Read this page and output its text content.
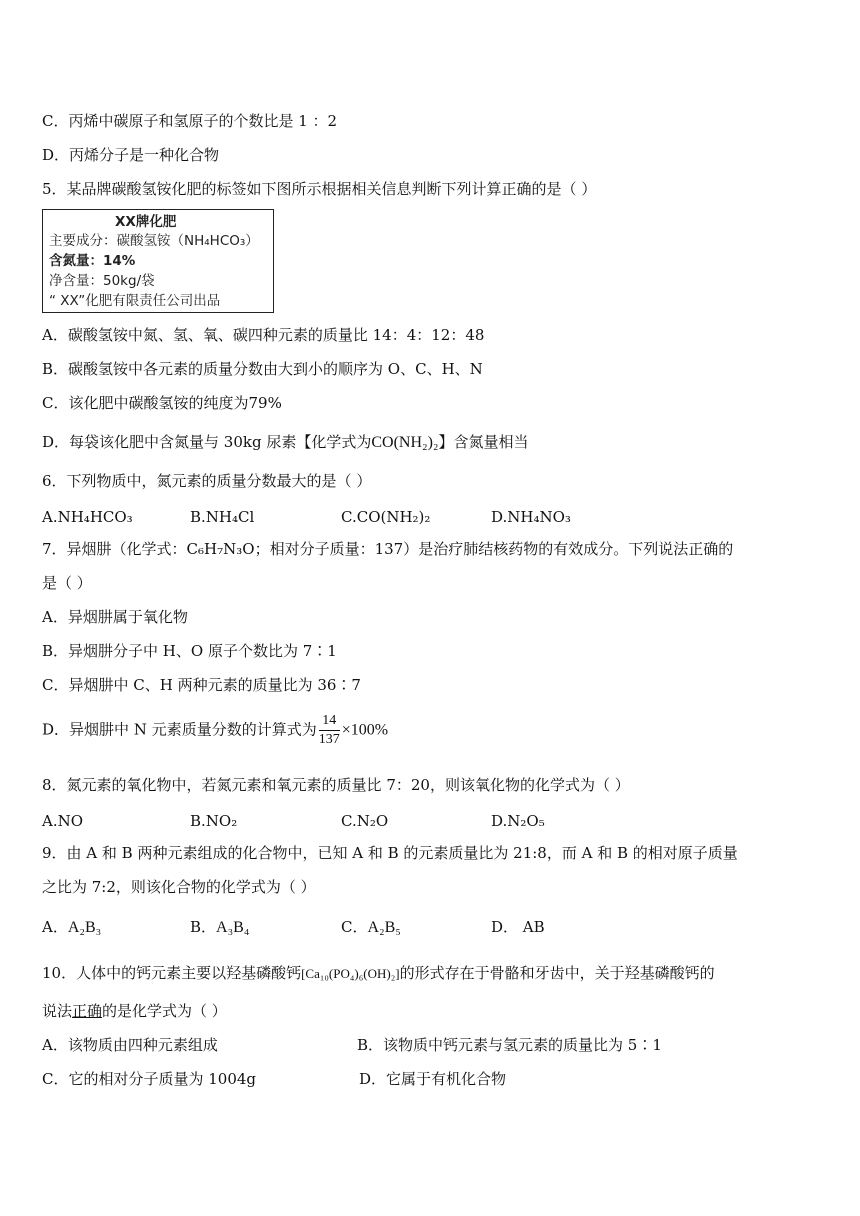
C．丙烯中碳原子和氢原子的个数比是 1 ：2
D．丙烯分子是一种化合物
5．某品牌碳酸氢铵化肥的标签如下图所示根据相关信息判断下列计算正确的是（ ）
XX牌化肥
主要成分：碳酸氢铵（NH₄HCO₃）
含氮量：14%
净含量：50kg/袋
“ XX”化肥有限责任公司出品
A．碳酸氢铵中氮、氢、氧、碳四种元素的质量比 14：4：12：48
B．碳酸氢铵中各元素的质量分数由大到小的顺序为 O、C、H、N
C．该化肥中碳酸氢铵的纯度为79%
D．每袋该化肥中含氮量与 30kg 尿素【化学式为CO(NH₂)₂】含氮量相当
6．下列物质中，氮元素的质量分数最大的是（ ）
A.NH₄HCO₃	B.NH₄Cl	C.CO(NH₂)₂	D.NH₄NO₃
7．异烟肼（化学式：C₆H₇N₃O；相对分子质量：137）是治疗肺结核药物的有效成分。下列说法正确的
是（ ）
A．异烟肼属于氧化物
B．异烟肼分子中 H、O 原子个数比为 7∶1
C．异烟肼中 C、H 两种元素的质量比为 36∶7
D．异烟肼中 N 元素质量分数的计算式为 $\frac{14}{137} \times 100\%$
8．氮元素的氧化物中，若氮元素和氧元素的质量比 7：20，则该氧化物的化学式为（ ）
A.NO	B.NO₂	C.N₂O	D.N₂O₅
9．由 A 和 B 两种元素组成的化合物中，已知 A 和 B 的元素质量比为 21:8，而 A 和 B 的相对原子质量
之比为 7:2，则该化合物的化学式为（ ）
A．A₂B₃	B．A₃B₄	C．A₂B₅	D． AB
10．人体中的钙元素主要以羟基磷酸钙[Ca₁₀(PO₄)₆(OH)₂]的形式存在于骨骼和牙齿中，关于羟基磷酸钙的
说法正确的是化学式为（ ）
A．该物质由四种元素组成	B．该物质中钙元素与氢元素的质量比为 5∶1
C．它的相对分子质量为 1004g	D．它属于有机化合物
